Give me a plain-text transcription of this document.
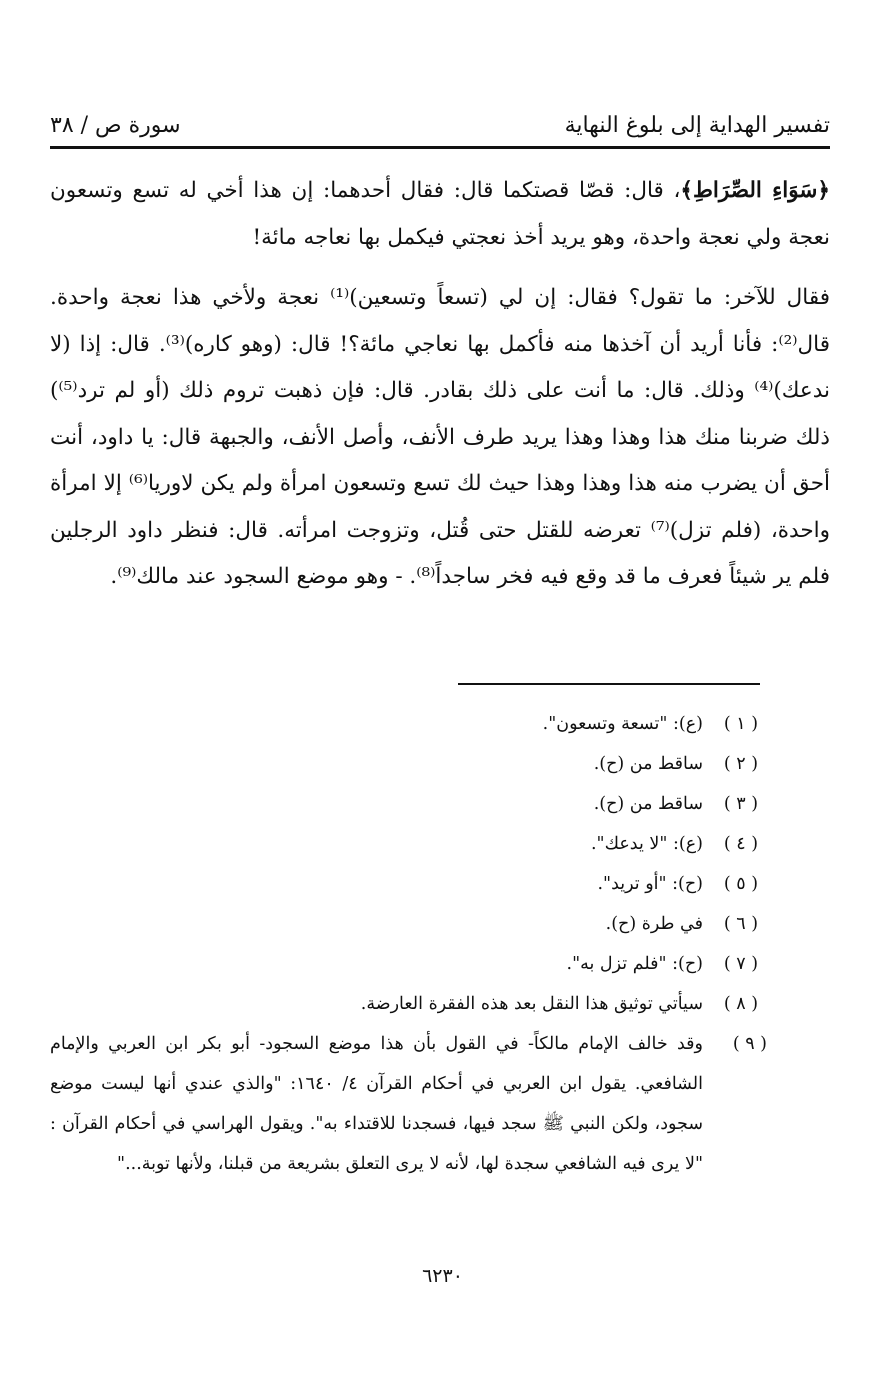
تفسير الهداية إلى بلوغ النهاية
سورة ص / ٣٨

﴿سَوَاءِ الصِّرَاطِ﴾، قال: قصّا قصتكما قال: فقال أحدهما: إن هذا أخي له تسع وتسعون نعجة ولي نعجة واحدة، وهو يريد أخذ نعجتي فيكمل بها نعاجه مائة!

فقال للآخر: ما تقول؟ فقال: إن لي (تسعاً وتسعين)⁽¹⁾ نعجة ولأخي هذا نعجة واحدة. قال⁽²⁾: فأنا أريد أن آخذها منه فأكمل بها نعاجي مائة؟! قال: (وهو كاره)⁽³⁾. قال: إذا (لا ندعك)⁽⁴⁾ وذلك. قال: ما أنت على ذلك بقادر. قال: فإن ذهبت تروم ذلك (أو لم ترد⁽⁵⁾) ذلك ضربنا منك هذا وهذا وهذا يريد طرف الأنف، وأصل الأنف، والجبهة قال: يا داود، أنت أحق أن يضرب منه هذا وهذا وهذا حيث لك تسع وتسعون امرأة ولم يكن لاوريا⁽⁶⁾ إلا امرأة واحدة، (فلم تزل)⁽⁷⁾ تعرضه للقتل حتى قُتل، وتزوجت امرأته. قال: فنظر داود الرجلين فلم ير شيئاً فعرف ما قد وقع فيه فخر ساجداً⁽⁸⁾. - وهو موضع السجود عند مالك⁽⁹⁾.

( ١ )
(ع): "تسعة وتسعون".
( ٢ )
ساقط من (ح).
( ٣ )
ساقط من (ح).
( ٤ )
(ع): "لا يدعك".
( ٥ )
(ح): "أو تريد".
( ٦ )
في طرة (ح).
( ٧ )
(ح): "فلم تزل به".
( ٨ )
سيأتي توثيق هذا النقل بعد هذه الفقرة العارضة.
( ٩ )
وقد خالف الإمام مالكاً- في القول بأن هذا موضع السجود- أبو بكر ابن العربي والإمام الشافعي. يقول ابن العربي في أحكام القرآن ٤/ ١٦٤٠: "والذي عندي أنها ليست موضع سجود، ولكن النبي ﷺ سجد فيها، فسجدنا للاقتداء به". ويقول الهراسي في أحكام القرآن : "لا يرى فيه الشافعي سجدة لها، لأنه لا يرى التعلق بشريعة من قبلنا، ولأنها توبة..."
٦٢٣٠
